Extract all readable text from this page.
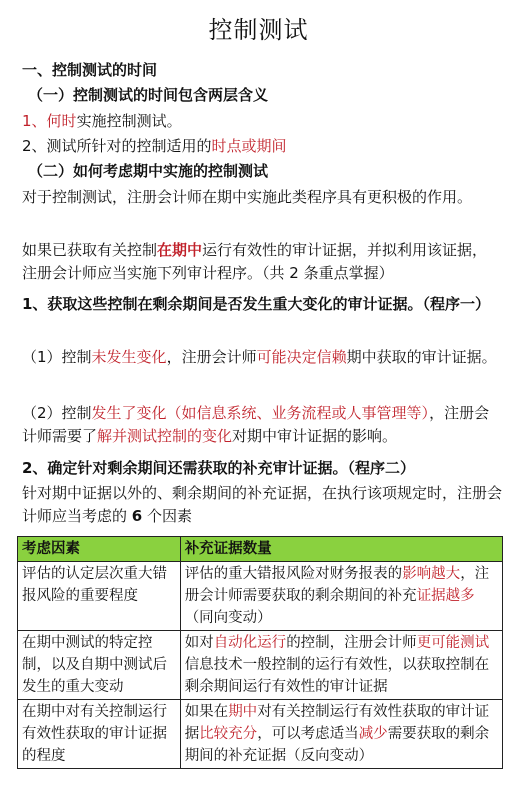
控制测试
一、控制测试的时间
（一）控制测试的时间包含两层含义
1、何时实施控制测试。
2、测试所针对的控制适用的时点或期间
（二）如何考虑期中实施的控制测试
对于控制测试，注册会计师在期中实施此类程序具有更积极的作用。
如果已获取有关控制在期中运行有效性的审计证据，并拟利用该证据，注册会计师应当实施下列审计程序。（共 2 条重点掌握）
1、获取这些控制在剩余期间是否发生重大变化的审计证据。（程序一）
（1）控制未发生变化，注册会计师可能决定信赖期中获取的审计证据。
（2）控制发生了变化（如信息系统、业务流程或人事管理等），注册会计师需要了解并测试控制的变化对期中审计证据的影响。
2、确定针对剩余期间还需获取的补充审计证据。（程序二）
针对期中证据以外的、剩余期间的补充证据，在执行该项规定时，注册会计师应当考虑的 6 个因素
考虑因素	补充证据数量
评估的认定层次重大错报风险的重要程度	评估的重大错报风险对财务报表的影响越大，注册会计师需要获取的剩余期间的补充证据越多（同向变动）
在期中测试的特定控制，以及自期中测试后发生的重大变动	如对自动化运行的控制，注册会计师更可能测试信息技术一般控制的运行有效性，以获取控制在剩余期间运行有效性的审计证据
在期中对有关控制运行有效性获取的审计证据的程度	如果在期中对有关控制运行有效性获取的审计证据比较充分，可以考虑适当减少需要获取的剩余期间的补充证据（反向变动）
